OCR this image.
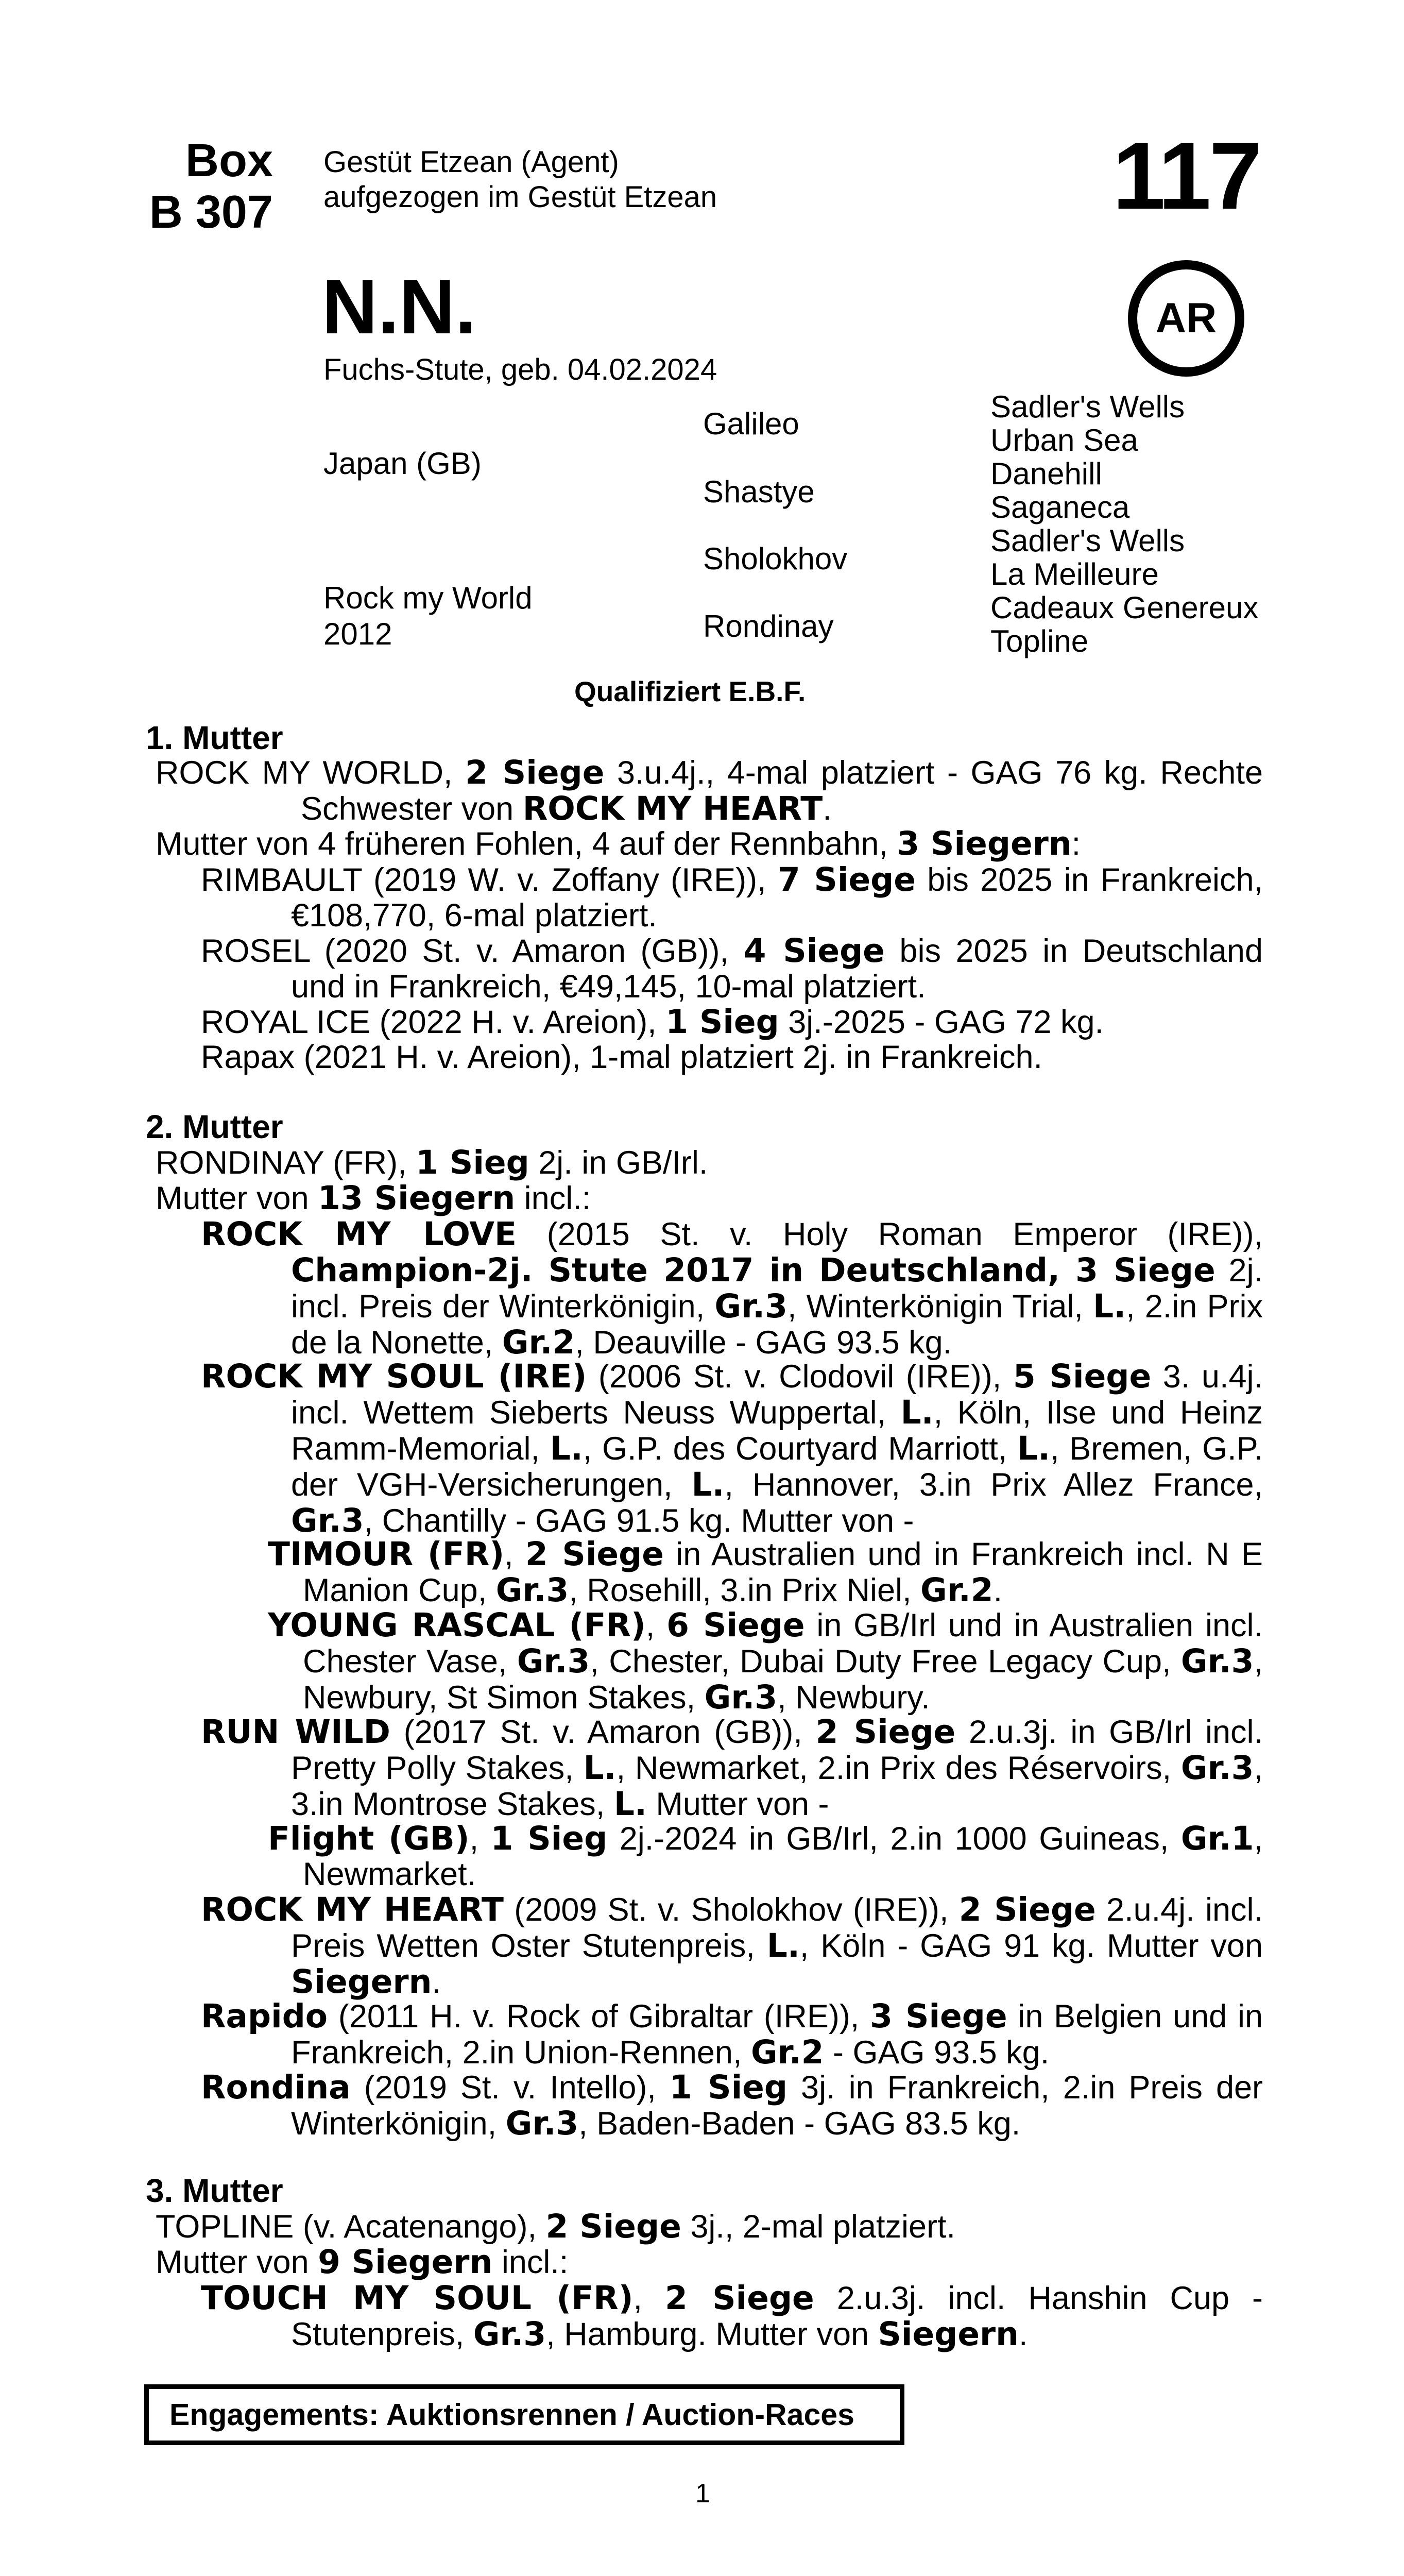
Box
B 307
Gestüt Etzean (Agent)
aufgezogen im Gestüt Etzean	117
AR
N.N.
Fuchs-Stute, geb. 04.02.2024
Japan (GB)
Rock my World
2012
Galileo
Shastye
Sholokhov
Rondinay
Sadler's Wells
Urban Sea
Danehill
Saganeca
Sadler's Wells
La Meilleure
Cadeaux Genereux
Topline
Qualifiziert E.B.F.
1. Mutter
ROCK MY WORLD, 2 Siege 3.u.4j., 4-mal platziert - GAG 76 kg. Rechte Schwester von ROCK MY HEART.
Mutter von 4 früheren Fohlen, 4 auf der Rennbahn, 3 Siegern:
RIMBAULT (2019 W. v. Zoffany (IRE)), 7 Siege bis 2025 in Frankreich, €108,770, 6-mal platziert.
ROSEL (2020 St. v. Amaron (GB)), 4 Siege bis 2025 in Deutschland und in Frankreich, €49,145, 10-mal platziert.
ROYAL ICE (2022 H. v. Areion), 1 Sieg 3j.-2025 - GAG 72 kg.
Rapax (2021 H. v. Areion), 1-mal platziert 2j. in Frankreich.
2. Mutter
RONDINAY (FR), 1 Sieg 2j. in GB/Irl.
Mutter von 13 Siegern incl.:
ROCK MY LOVE (2015 St. v. Holy Roman Emperor (IRE)), Champion-2j. Stute 2017 in Deutschland, 3 Siege 2j. incl. Preis der Winterkönigin, Gr.3, Winterkönigin Trial, L., 2.in Prix de la Nonette, Gr.2, Deauville - GAG 93.5 kg.
ROCK MY SOUL (IRE) (2006 St. v. Clodovil (IRE)), 5 Siege 3. u.4j. incl. Wettem Sieberts Neuss Wuppertal, L., Köln, Ilse und Heinz Ramm-Memorial, L., G.P. des Courtyard Marriott, L., Bremen, G.P. der VGH-Versicherungen, L., Hannover, 3.in Prix Allez France, Gr.3, Chantilly - GAG 91.5 kg. Mutter von -
TIMOUR (FR), 2 Siege in Australien und in Frankreich incl. N E Manion Cup, Gr.3, Rosehill, 3.in Prix Niel, Gr.2.
YOUNG RASCAL (FR), 6 Siege in GB/Irl und in Australien incl. Chester Vase, Gr.3, Chester, Dubai Duty Free Legacy Cup, Gr.3, Newbury, St Simon Stakes, Gr.3, Newbury.
RUN WILD (2017 St. v. Amaron (GB)), 2 Siege 2.u.3j. in GB/Irl incl. Pretty Polly Stakes, L., Newmarket, 2.in Prix des Réservoirs, Gr.3, 3.in Montrose Stakes, L. Mutter von -
Flight (GB), 1 Sieg 2j.-2024 in GB/Irl, 2.in 1000 Guineas, Gr.1, Newmarket.
ROCK MY HEART (2009 St. v. Sholokhov (IRE)), 2 Siege 2.u.4j. incl. Preis Wetten Oster Stutenpreis, L., Köln - GAG 91 kg. Mutter von Siegern.
Rapido (2011 H. v. Rock of Gibraltar (IRE)), 3 Siege in Belgien und in Frankreich, 2.in Union-Rennen, Gr.2 - GAG 93.5 kg.
Rondina (2019 St. v. Intello), 1 Sieg 3j. in Frankreich, 2.in Preis der Winterkönigin, Gr.3, Baden-Baden - GAG 83.5 kg.
3. Mutter
TOPLINE (v. Acatenango), 2 Siege 3j., 2-mal platziert.
Mutter von 9 Siegern incl.:
TOUCH MY SOUL (FR), 2 Siege 2.u.3j. incl. Hanshin Cup - Stutenpreis, Gr.3, Hamburg. Mutter von Siegern.
Engagements: Auktionsrennen / Auction-Races
1
